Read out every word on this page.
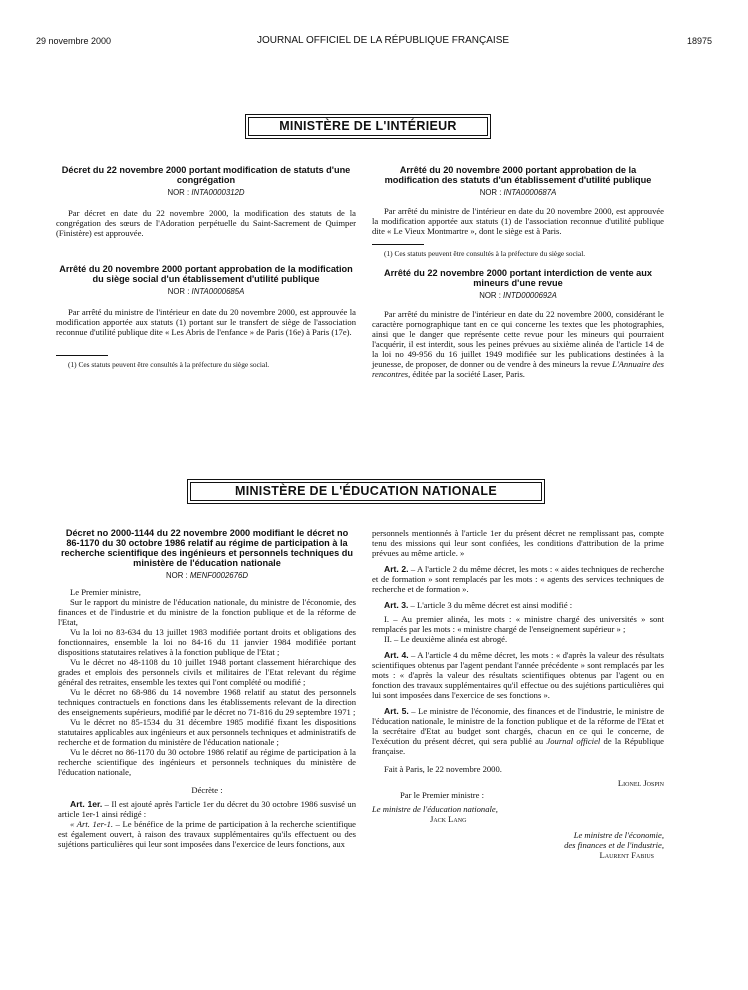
29 novembre 2000	JOURNAL OFFICIEL DE LA RÉPUBLIQUE FRANÇAISE	18975
MINISTÈRE DE L'INTÉRIEUR
Décret du 22 novembre 2000 portant modification de statuts d'une congrégation
NOR : INTA0000312D

Par décret en date du 22 novembre 2000, la modification des statuts de la congrégation des sœurs de l'Adoration perpétuelle du Saint-Sacrement de Quimper (Finistère) est approuvée.

Arrêté du 20 novembre 2000 portant approbation de la modification du siège social d'un établissement d'utilité publique
NOR : INTA0000685A

Par arrêté du ministre de l'intérieur en date du 20 novembre 2000, est approuvée la modification apportée aux statuts (1) portant sur le transfert de siège de l'association reconnue d'utilité publique dite « Les Abris de l'enfance » de Paris (16e) à Paris (17e).

(1) Ces statuts peuvent être consultés à la préfecture du siège social.

Arrêté du 20 novembre 2000 portant approbation de la modification des statuts d'un établissement d'utilité publique
NOR : INTA0000687A

Par arrêté du ministre de l'intérieur en date du 20 novembre 2000, est approuvée la modification apportée aux statuts (1) de l'association reconnue d'utilité publique dite « Le Vieux Montmartre », dont le siège est à Paris.

(1) Ces statuts peuvent être consultés à la préfecture du siège social.

Arrêté du 22 novembre 2000 portant interdiction de vente aux mineurs d'une revue
NOR : INTD0000692A

Par arrêté du ministre de l'intérieur en date du 22 novembre 2000, considérant le caractère pornographique tant en ce qui concerne les textes que les photographies, ainsi que le danger que représente cette revue pour les mineurs qui pourraient l'acquérir, il est interdit, sous les peines prévues au sixième alinéa de l'article 14 de la loi no 49-956 du 16 juillet 1949 modifiée sur les publications destinées à la jeunesse, de proposer, de donner ou de vendre à des mineurs la revue L'Annuaire des rencontres, éditée par la société Laser, Paris.

MINISTÈRE DE L'ÉDUCATION NATIONALE
Décret no 2000-1144 du 22 novembre 2000 modifiant le décret no 86-1170 du 30 octobre 1986 relatif au régime de participation à la recherche scientifique des ingénieurs et personnels techniques du ministère de l'éducation nationale
NOR : MENF0002676D

Le Premier ministre,

Sur le rapport du ministre de l'éducation nationale, du ministre de l'économie, des finances et de l'industrie et du ministre de la fonction publique et de la réforme de l'Etat,

Vu la loi no 83-634 du 13 juillet 1983 modifiée portant droits et obligations des fonctionnaires, ensemble la loi no 84-16 du 11 janvier 1984 modifiée portant dispositions statutaires relatives à la fonction publique de l'Etat ;

Vu le décret no 48-1108 du 10 juillet 1948 portant classement hiérarchique des grades et emplois des personnels civils et militaires de l'Etat relevant du régime général des retraites, ensemble les textes qui l'ont complété ou modifié ;

Vu le décret no 68-986 du 14 novembre 1968 relatif au statut des personnels techniques contractuels en fonctions dans les établissements relevant de la direction des enseignements supérieurs, modifié par le décret no 71-816 du 29 septembre 1971 ;

Vu le décret no 85-1534 du 31 décembre 1985 modifié fixant les dispositions statutaires applicables aux ingénieurs et aux personnels techniques et administratifs de recherche et de formation du ministère de l'éducation nationale ;

Vu le décret no 86-1170 du 30 octobre 1986 relatif au régime de participation à la recherche scientifique des ingénieurs et personnels techniques du ministère de l'éducation nationale,

Décrète :

Art. 1er. – Il est ajouté après l'article 1er du décret du 30 octobre 1986 susvisé un article 1er-1 ainsi rédigé :

« Art. 1er-1. – Le bénéfice de la prime de participation à la recherche scientifique est également ouvert, à raison des travaux supplémentaires qu'ils effectuent ou des sujétions particulières qui leur sont imposées dans l'exercice de leurs fonctions, aux

personnels mentionnés à l'article 1er du présent décret ne remplissant pas, compte tenu des missions qui leur sont confiées, les conditions d'attribution de la prime prévues au même article. »

Art. 2. – A l'article 2 du même décret, les mots : « aides techniques de recherche et de formation » sont remplacés par les mots : « agents des services techniques de recherche et de formation ».

Art. 3. – L'article 3 du même décret est ainsi modifié :

I. – Au premier alinéa, les mots : « ministre chargé des universités » sont remplacés par les mots : « ministre chargé de l'enseignement supérieur » ;

II. – Le deuxième alinéa est abrogé.

Art. 4. – A l'article 4 du même décret, les mots : « d'après la valeur des résultats scientifiques obtenus par l'agent pendant l'année précédente » sont remplacés par les mots : « d'après la valeur des résultats scientifiques obtenus par l'agent ou en fonction des travaux supplémentaires qu'il effectue ou des sujétions particulières qui lui sont imposées dans l'exercice de ses fonctions ».

Art. 5. – Le ministre de l'économie, des finances et de l'industrie, le ministre de l'éducation nationale, le ministre de la fonction publique et de la réforme de l'Etat et la secrétaire d'Etat au budget sont chargés, chacun en ce qui le concerne, de l'exécution du présent décret, qui sera publié au Journal officiel de la République française.

Fait à Paris, le 22 novembre 2000.

Lionel Jospin
Par le Premier ministre :
Le ministre de l'éducation nationale,
Jack Lang
Le ministre de l'économie,
des finances et de l'industrie,
Laurent Fabius
